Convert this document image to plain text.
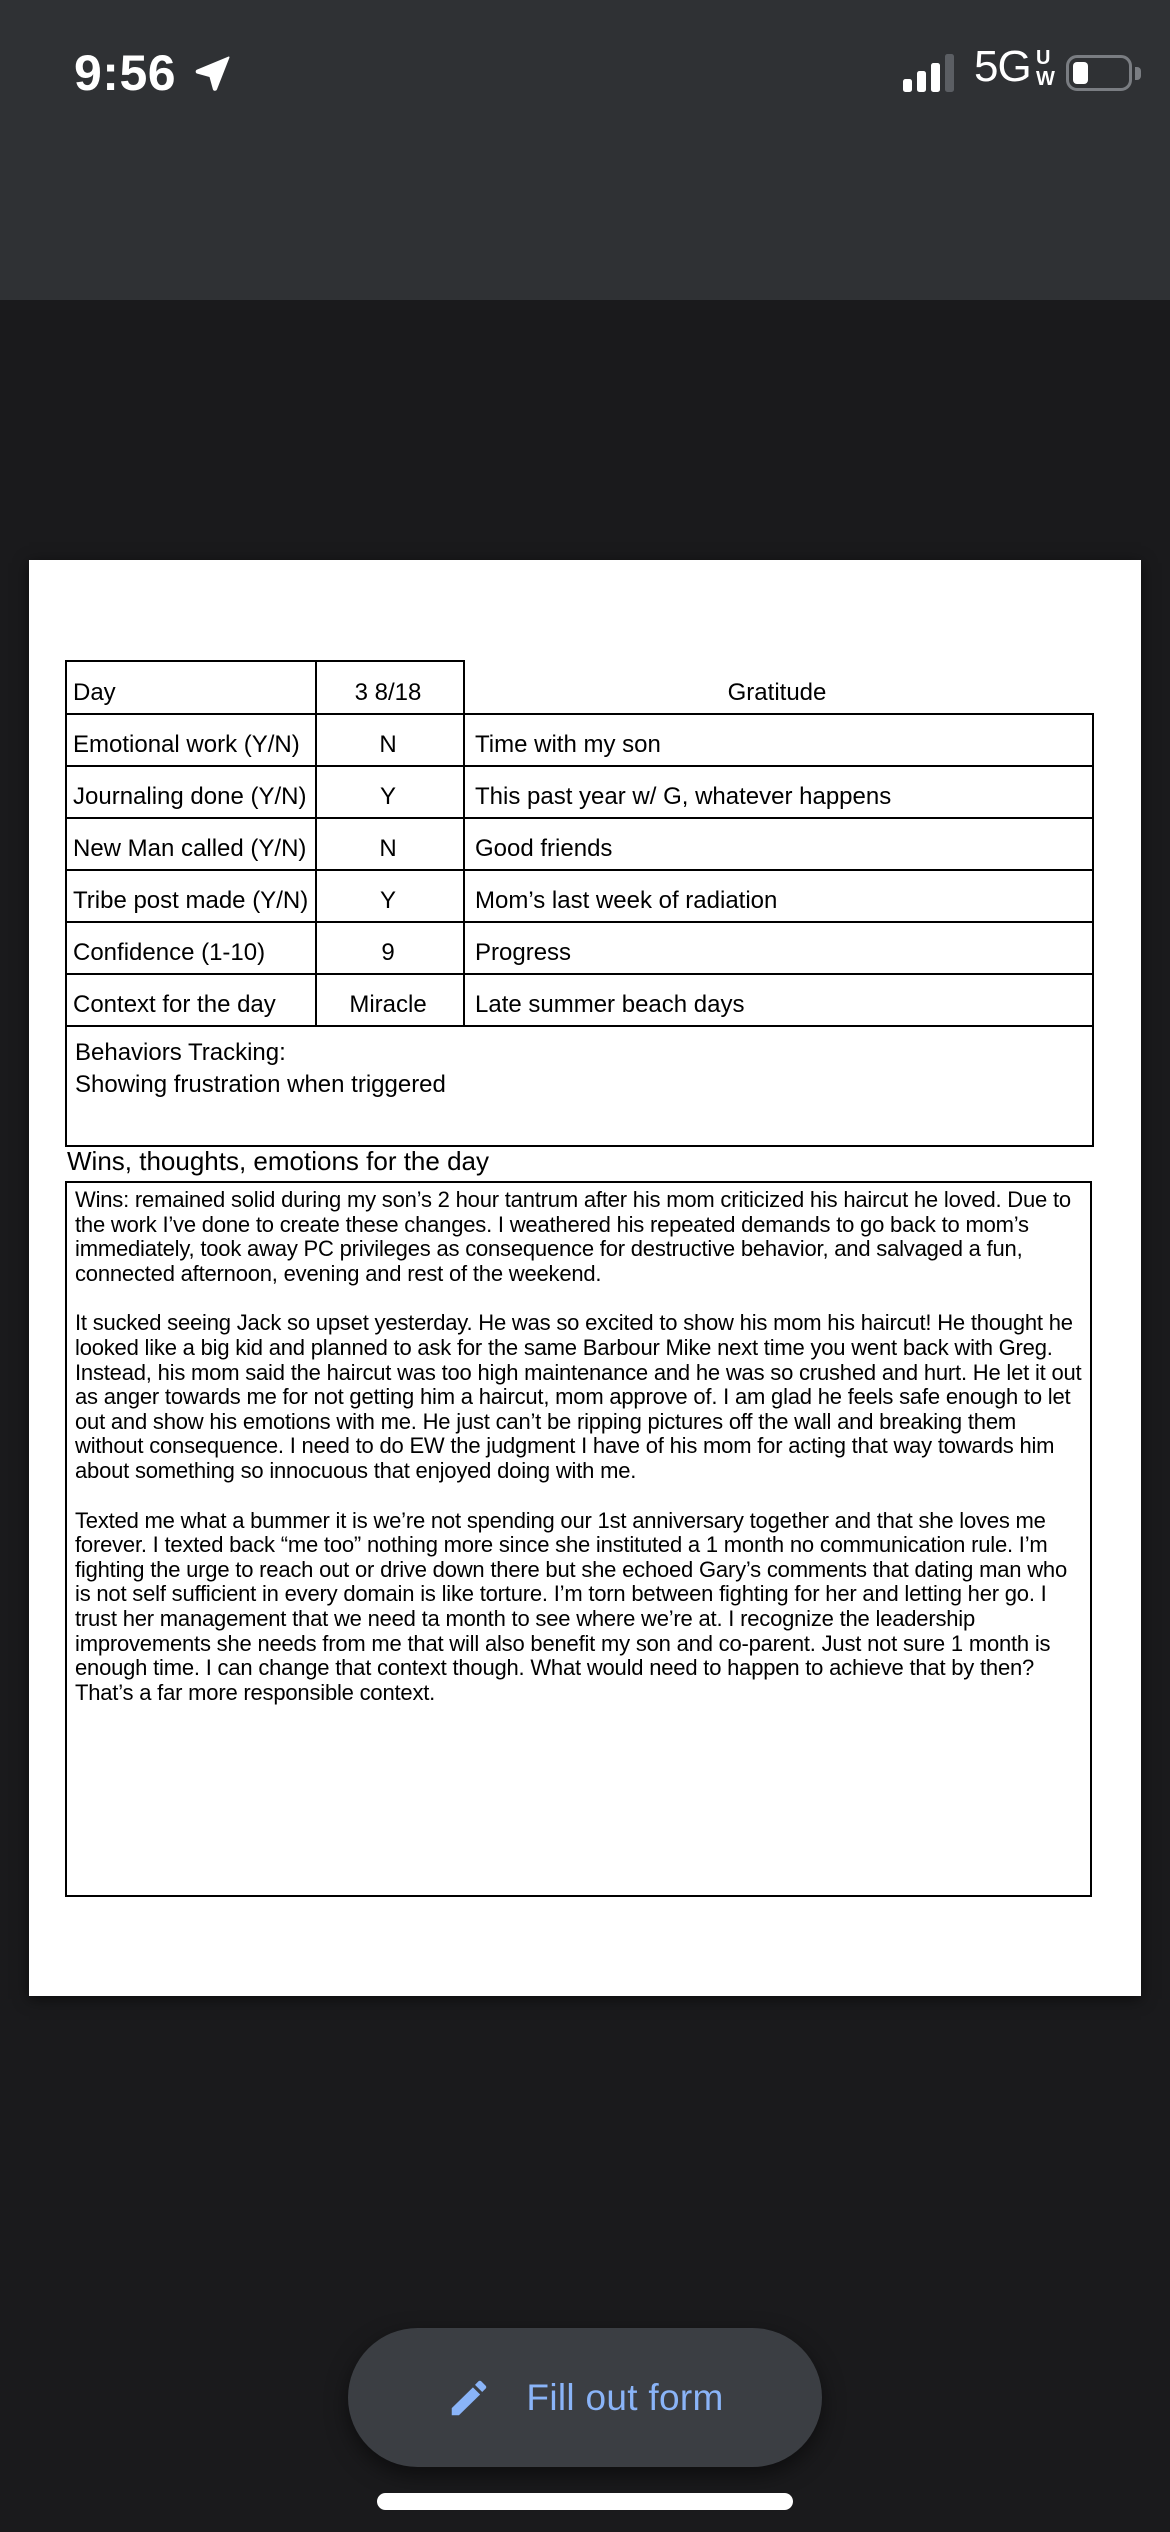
9:56	5G U
W
Day	3 8/18	Gratitude
Emotional work (Y/N)	N	Time with my son
Journaling done (Y/N)	Y	This past year w/ G, whatever happens
New Man called (Y/N)	N	Good friends
Tribe post made (Y/N)	Y	Mom’s last week of radiation
Confidence (1-10)	9	Progress
Context for the day	Miracle	Late summer beach days

Behaviors Tracking:
Showing frustration when triggered		
Wins, thoughts, emotions for the day

Wins: remained solid during my son’s 2 hour tantrum after his mom criticized his haircut he loved. Due to the work I’ve done to create these changes. I weathered his repeated demands to go back to mom’s immediately, took away PC privileges as consequence for destructive behavior, and salvaged a fun, connected afternoon, evening and rest of the weekend.

It sucked seeing Jack so upset yesterday. He was so excited to show his mom his haircut! He thought he looked like a big kid and planned to ask for the same Barbour Mike next time you went back with Greg. Instead, his mom said the haircut was too high maintenance and he was so crushed and hurt. He let it out as anger towards me for not getting him a haircut, mom approve of. I am glad he feels safe enough to let out and show his emotions with me. He just can’t be ripping pictures off the wall and breaking them without consequence. I need to do EW the judgment I have of his mom for acting that way towards him about something so innocuous that enjoyed doing with me.

Texted me what a bummer it is we’re not spending our 1st anniversary together and that she loves me forever. I texted back “me too” nothing more since she instituted a 1 month no communication rule. I’m fighting the urge to reach out or drive down there but she echoed Gary’s comments that dating man who is not self sufficient in every domain is like torture. I’m torn between fighting for her and letting her go. I trust her management that we need ta month to see where we’re at. I recognize the leadership improvements she needs from me that will also benefit my son and co-parent. Just not sure 1 month is enough time. I can change that context though. What would need to happen to achieve that by then? That’s a far more responsible context.

Fill out form
